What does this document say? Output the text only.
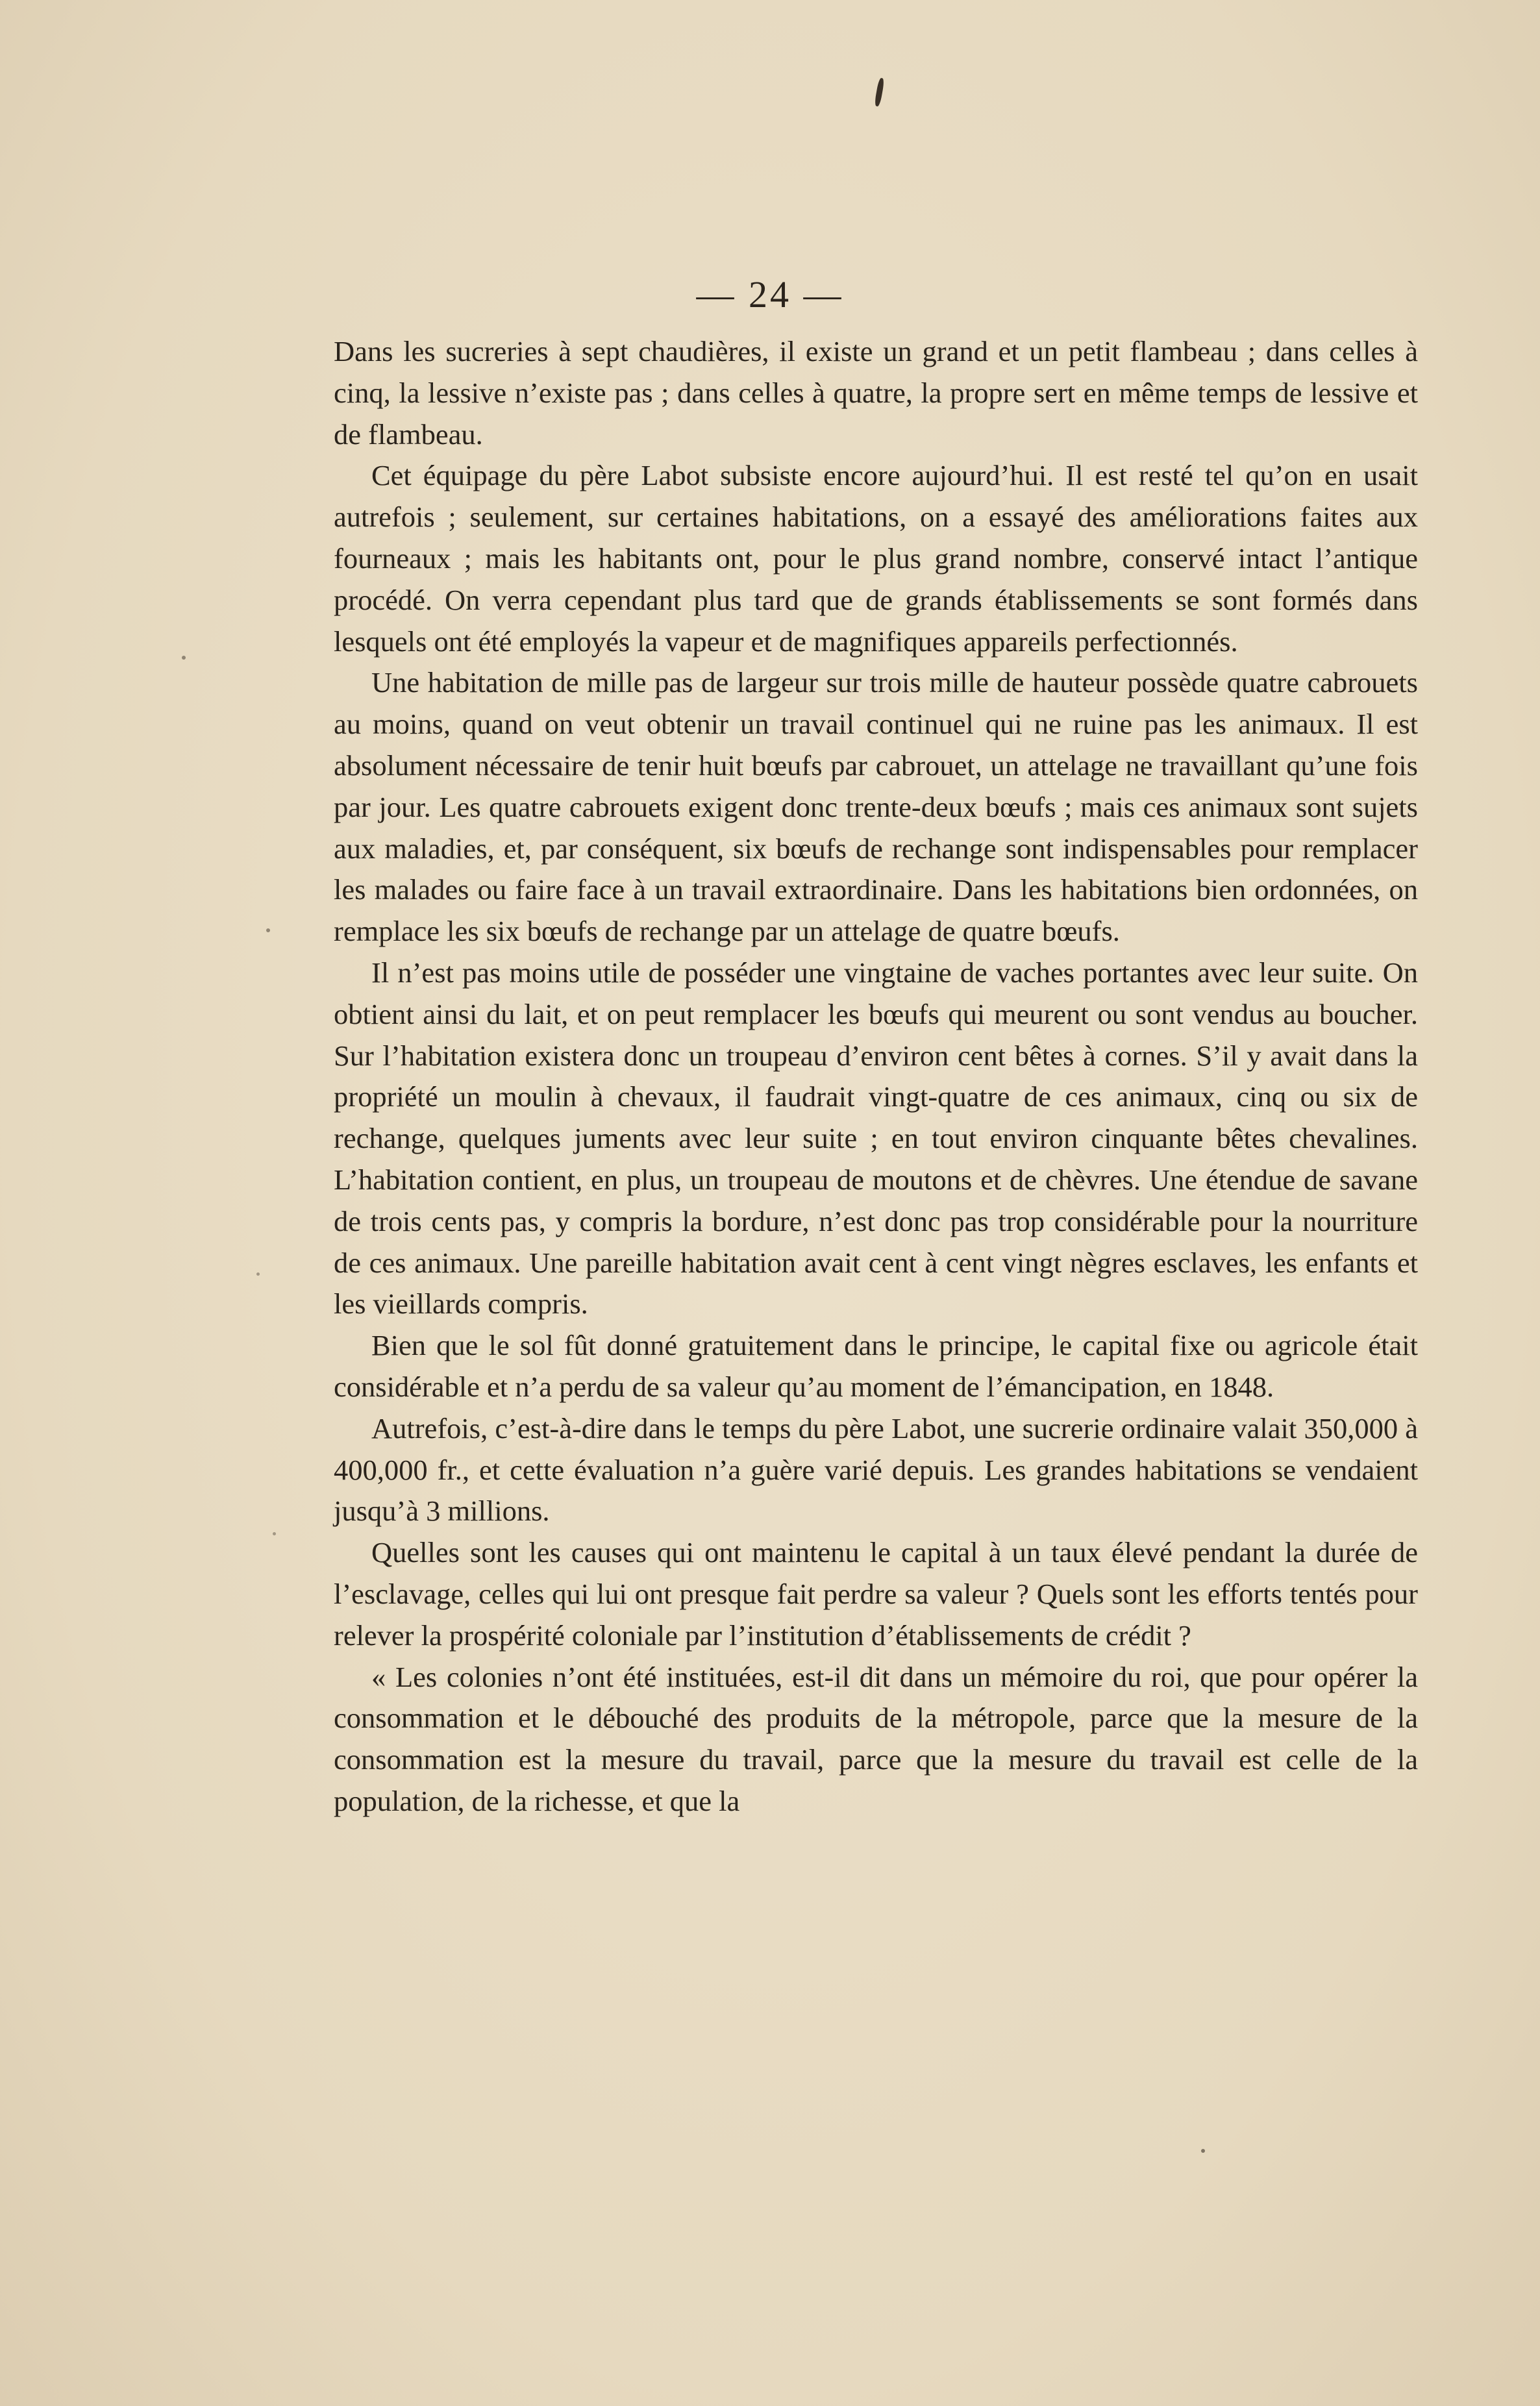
— 24 —

Dans les sucreries à sept chaudières, il existe un grand et un petit flambeau ; dans celles à cinq, la lessive n’existe pas ; dans celles à quatre, la propre sert en même temps de lessive et de flambeau.

Cet équipage du père Labot subsiste encore aujourd’hui. Il est resté tel qu’on en usait autrefois ; seulement, sur certaines habitations, on a essayé des améliorations faites aux fourneaux ; mais les habitants ont, pour le plus grand nombre, conservé intact l’antique procédé. On verra cependant plus tard que de grands établissements se sont formés dans lesquels ont été employés la vapeur et de magnifiques appareils perfectionnés.

Une habitation de mille pas de largeur sur trois mille de hauteur possède quatre cabrouets au moins, quand on veut obtenir un travail continuel qui ne ruine pas les animaux. Il est absolument nécessaire de tenir huit bœufs par cabrouet, un attelage ne travaillant qu’une fois par jour. Les quatre cabrouets exigent donc trente-deux bœufs ; mais ces animaux sont sujets aux maladies, et, par conséquent, six bœufs de rechange sont indispensables pour remplacer les malades ou faire face à un travail extraordinaire. Dans les habitations bien ordonnées, on remplace les six bœufs de rechange par un attelage de quatre bœufs.

Il n’est pas moins utile de posséder une vingtaine de vaches portantes avec leur suite. On obtient ainsi du lait, et on peut remplacer les bœufs qui meurent ou sont vendus au boucher. Sur l’habitation existera donc un troupeau d’environ cent bêtes à cornes. S’il y avait dans la propriété un moulin à chevaux, il faudrait vingt-quatre de ces animaux, cinq ou six de rechange, quelques juments avec leur suite ; en tout environ cinquante bêtes chevalines. L’habitation contient, en plus, un troupeau de moutons et de chèvres. Une étendue de savane de trois cents pas, y compris la bordure, n’est donc pas trop considérable pour la nourriture de ces animaux. Une pareille habitation avait cent à cent vingt nègres esclaves, les enfants et les vieillards compris.

Bien que le sol fût donné gratuitement dans le principe, le capital fixe ou agricole était considérable et n’a perdu de sa valeur qu’au moment de l’émancipation, en 1848.

Autrefois, c’est-à-dire dans le temps du père Labot, une sucrerie ordinaire valait 350,000 à 400,000 fr., et cette évaluation n’a guère varié depuis. Les grandes habitations se vendaient jusqu’à 3 millions.

Quelles sont les causes qui ont maintenu le capital à un taux élevé pendant la durée de l’esclavage, celles qui lui ont presque fait perdre sa valeur ? Quels sont les efforts tentés pour relever la prospérité coloniale par l’institution d’établissements de crédit ?

« Les colonies n’ont été instituées, est-il dit dans un mémoire du roi, que pour opérer la consommation et le débouché des produits de la métropole, parce que la mesure de la consommation est la mesure du travail, parce que la mesure du travail est celle de la population, de la richesse, et que la
